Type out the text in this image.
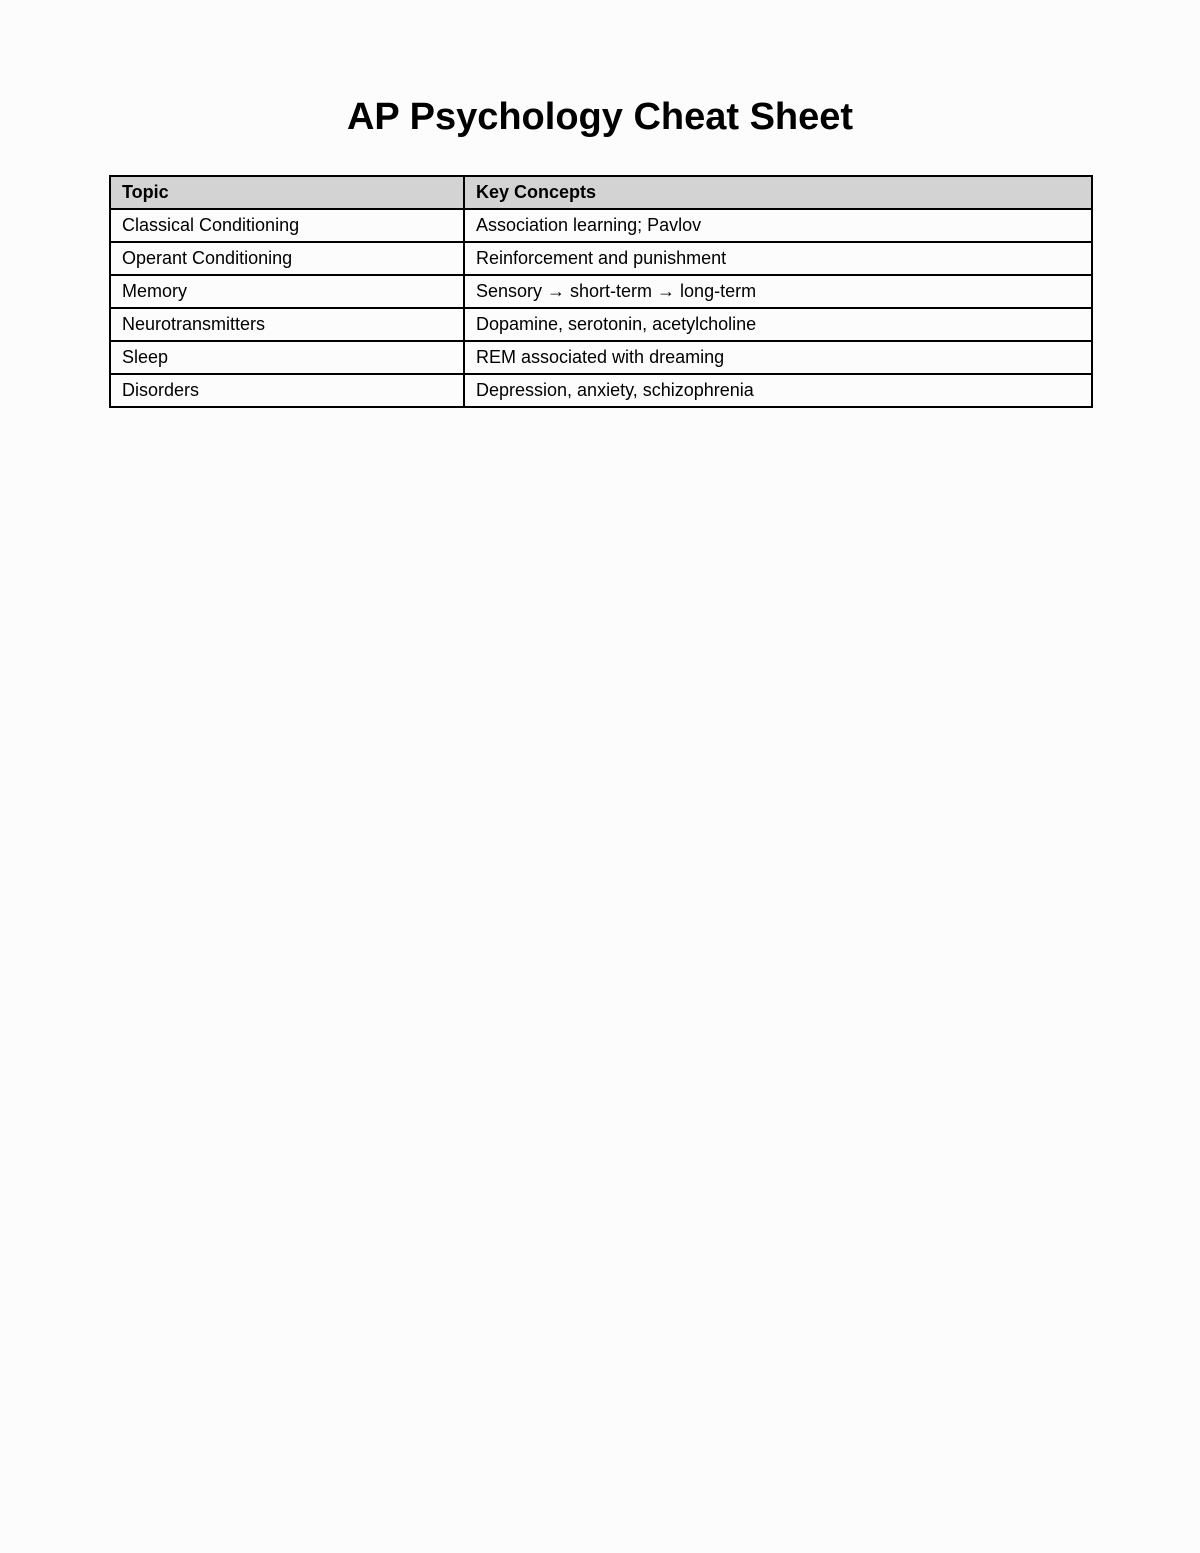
AP Psychology Cheat Sheet
Topic	Key Concepts
Classical Conditioning	Association learning; Pavlov
Operant Conditioning	Reinforcement and punishment
Memory	Sensory → short-term → long-term
Neurotransmitters	Dopamine, serotonin, acetylcholine
Sleep	REM associated with dreaming
Disorders	Depression, anxiety, schizophrenia
